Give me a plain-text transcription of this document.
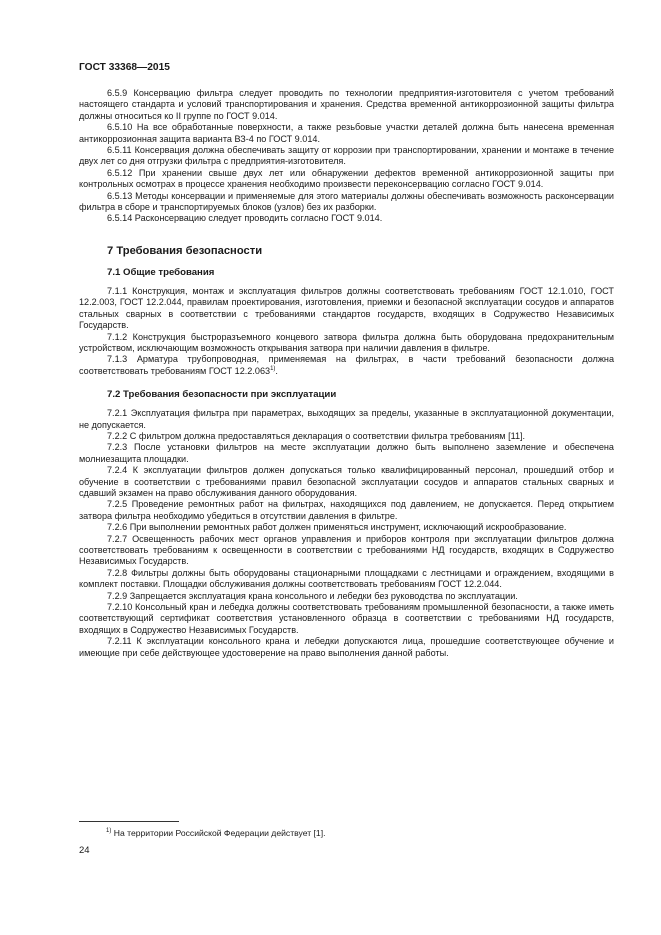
ГОСТ 33368—2015

6.5.9 Консервацию фильтра следует проводить по технологии предприятия-изготовителя с учетом требований настоящего стандарта и условий транспортирования и хранения. Средства временной антикоррозионной защиты фильтра должны относиться ко II группе по ГОСТ 9.014.

6.5.10 На все обработанные поверхности, а также резьбовые участки деталей должна быть нанесена временная антикоррозионная защита варианта ВЗ-4 по ГОСТ 9.014.

6.5.11 Консервация должна обеспечивать защиту от коррозии при транспортировании, хранении и монтаже в течение двух лет со дня отгрузки фильтра с предприятия-изготовителя.

6.5.12 При хранении свыше двух лет или обнаружении дефектов временной антикоррозионной защиты при контрольных осмотрах в процессе хранения необходимо произвести переконсервацию согласно ГОСТ 9.014.

6.5.13 Методы консервации и применяемые для этого материалы должны обеспечивать возможность расконсервации фильтра в сборе и транспортируемых блоков (узлов) без их разборки.

6.5.14 Расконсервацию следует проводить согласно ГОСТ 9.014.

7 Требования безопасности
7.1 Общие требования

7.1.1 Конструкция, монтаж и эксплуатация фильтров должны соответствовать требованиям ГОСТ 12.1.010, ГОСТ 12.2.003, ГОСТ 12.2.044, правилам проектирования, изготовления, приемки и безопасной эксплуатации сосудов и аппаратов стальных сварных в соответствии с требованиями стандартов государств, входящих в Содружество Независимых Государств.

7.1.2 Конструкция быстроразъемного концевого затвора фильтра должна быть оборудована предохранительным устройством, исключающим возможность открывания затвора при наличии давления в фильтре.

7.1.3 Арматура трубопроводная, применяемая на фильтрах, в части требований безопасности должна соответствовать требованиям ГОСТ 12.2.063$^{1)}$.

7.2 Требования безопасности при эксплуатации

7.2.1 Эксплуатация фильтра при параметрах, выходящих за пределы, указанные в эксплуатационной документации, не допускается.

7.2.2 С фильтром должна предоставляться декларация о соответствии фильтра требованиям [11].

7.2.3 После установки фильтров на месте эксплуатации должно быть выполнено заземление и обеспечена молниезащита площадки.

7.2.4 К эксплуатации фильтров должен допускаться только квалифицированный персонал, прошедший отбор и обучение в соответствии с требованиями правил безопасной эксплуатации сосудов и аппаратов стальных сварных и сдавший экзамен на право обслуживания данного оборудования.

7.2.5 Проведение ремонтных работ на фильтрах, находящихся под давлением, не допускается. Перед открытием затвора фильтра необходимо убедиться в отсутствии давления в фильтре.

7.2.6 При выполнении ремонтных работ должен применяться инструмент, исключающий искрообразование.

7.2.7 Освещенность рабочих мест органов управления и приборов контроля при эксплуатации фильтров должна соответствовать требованиям к освещенности в соответствии с требованиями НД государств, входящих в Содружество Независимых Государств.

7.2.8 Фильтры должны быть оборудованы стационарными площадками с лестницами и ограждением, входящими в комплект поставки. Площадки обслуживания должны соответствовать требованиям ГОСТ 12.2.044.

7.2.9 Запрещается эксплуатация крана консольного и лебедки без руководства по эксплуатации.

7.2.10 Консольный кран и лебедка должны соответствовать требованиям промышленной безопасности, а также иметь соответствующий сертификат соответствия установленного образца в соответствии с требованиями НД государств, входящих в Содружество Независимых Государств.

7.2.11 К эксплуатации консольного крана и лебедки допускаются лица, прошедшие соответствующее обучение и имеющие при себе действующее удостоверение на право выполнения данной работы.

$^{1)}$ На территории Российской Федерации действует [1].
24
